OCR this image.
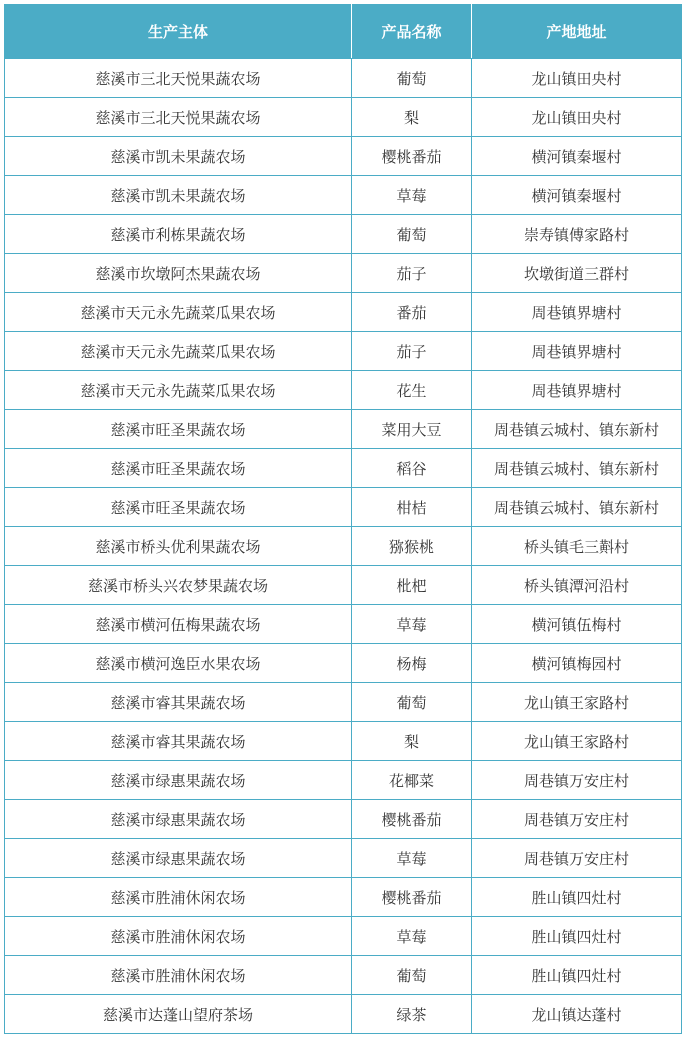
生产主体	产品名称	产地地址
慈溪市三北天悦果蔬农场	葡萄	龙山镇田央村
慈溪市三北天悦果蔬农场	梨	龙山镇田央村
慈溪市凯未果蔬农场	樱桃番茄	横河镇秦堰村
慈溪市凯未果蔬农场	草莓	横河镇秦堰村
慈溪市利栋果蔬农场	葡萄	崇寿镇傅家路村
慈溪市坎墩阿杰果蔬农场	茄子	坎墩街道三群村
慈溪市天元永先蔬菜瓜果农场	番茄	周巷镇界塘村
慈溪市天元永先蔬菜瓜果农场	茄子	周巷镇界塘村
慈溪市天元永先蔬菜瓜果农场	花生	周巷镇界塘村
慈溪市旺圣果蔬农场	菜用大豆	周巷镇云城村、镇东新村
慈溪市旺圣果蔬农场	稻谷	周巷镇云城村、镇东新村
慈溪市旺圣果蔬农场	柑桔	周巷镇云城村、镇东新村
慈溪市桥头优利果蔬农场	猕猴桃	桥头镇毛三斢村
慈溪市桥头兴农梦果蔬农场	枇杷	桥头镇潭河沿村
慈溪市横河伍梅果蔬农场	草莓	横河镇伍梅村
慈溪市横河逸臣水果农场	杨梅	横河镇梅园村
慈溪市睿其果蔬农场	葡萄	龙山镇王家路村
慈溪市睿其果蔬农场	梨	龙山镇王家路村
慈溪市绿惠果蔬农场	花椰菜	周巷镇万安庄村
慈溪市绿惠果蔬农场	樱桃番茄	周巷镇万安庄村
慈溪市绿惠果蔬农场	草莓	周巷镇万安庄村
慈溪市胜浦休闲农场	樱桃番茄	胜山镇四灶村
慈溪市胜浦休闲农场	草莓	胜山镇四灶村
慈溪市胜浦休闲农场	葡萄	胜山镇四灶村
慈溪市达蓬山望府茶场	绿茶	龙山镇达蓬村
